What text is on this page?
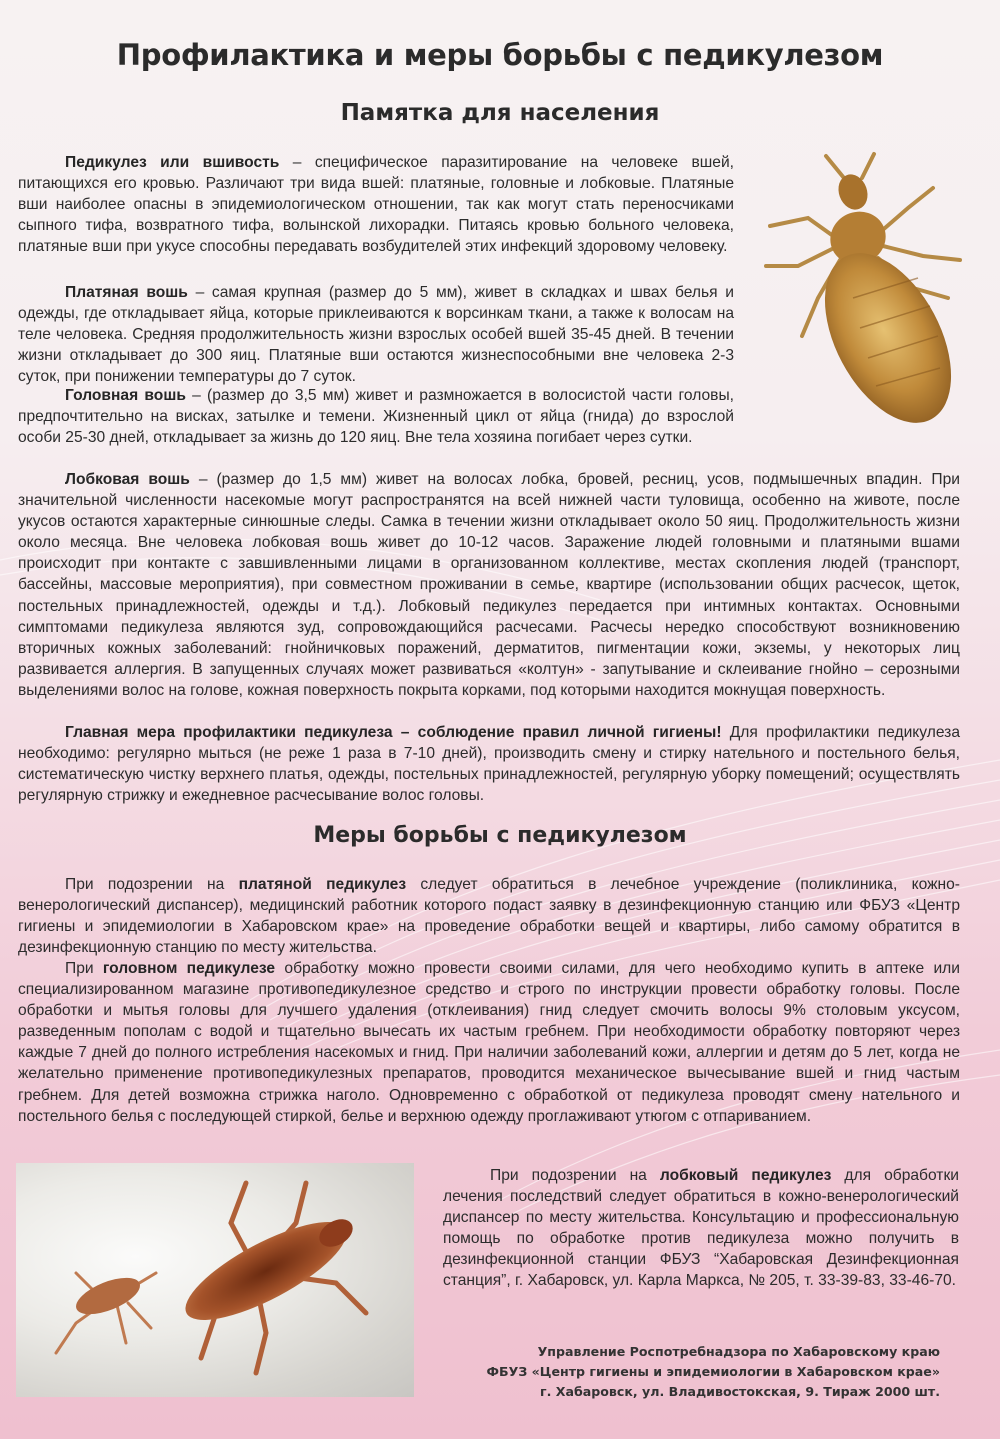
Профилактика и меры борьбы с педикулезом
Памятка для населения

Педикулез или вшивость – специфическое паразитирование на человеке вшей, питающихся его кровью. Различают три вида вшей: платяные, головные и лобковые. Платяные вши наиболее опасны в эпидемиологическом отношении, так как могут стать переносчиками сыпного тифа, возвратного тифа, волынской лихорадки. Питаясь кровью больного человека, платяные вши при укусе способны передавать возбудителей этих инфекций здоровому человеку.

Платяная вошь – самая крупная (размер до 5 мм), живет в складках и швах белья и одежды, где откладывает яйца, которые приклеиваются к ворсинкам ткани, а также к волосам на теле человека. Средняя продолжительность жизни взрослых особей вшей 35-45 дней. В течении жизни откладывает до 300 яиц. Платяные вши остаются жизнеспособными вне человека 2-3 суток, при понижении температуры до 7 суток.

Головная вошь – (размер до 3,5 мм) живет и размножается в волосистой части головы, предпочтительно на висках, затылке и темени. Жизненный цикл от яйца (гнида) до взрослой особи 25-30 дней, откладывает за жизнь до 120 яиц. Вне тела хозяина погибает через сутки.

Лобковая вошь – (размер до 1,5 мм) живет на волосах лобка, бровей, ресниц, усов, подмышечных впадин. При значительной численности насекомые могут распространятся на всей нижней части туловища, особенно на животе, после укусов остаются характерные синюшные следы. Самка в течении жизни откладывает около 50 яиц. Продолжительность жизни около месяца. Вне человека лобковая вошь живет до 10-12 часов. Заражение людей головными и платяными вшами происходит при контакте с завшивленными лицами в организованном коллективе, местах скопления людей (транспорт, бассейны, массовые мероприятия), при совместном проживании в семье, квартире (использовании общих расчесок, щеток, постельных принадлежностей, одежды и т.д.). Лобковый педикулез передается при интимных контактах. Основными симптомами педикулеза являются зуд, сопровождающийся расчесами. Расчесы нередко способствуют возникновению вторичных кожных заболеваний: гнойничковых поражений, дерматитов, пигментации кожи, экземы, у некоторых лиц развивается аллергия. В запущенных случаях может развиваться «колтун» - запутывание и склеивание гнойно – серозными выделениями волос на голове, кожная поверхность покрыта корками, под которыми находится мокнущая поверхность.

Главная мера профилактики педикулеза – соблюдение правил личной гигиены! Для профилактики педикулеза необходимо: регулярно мыться (не реже 1 раза в 7-10 дней), производить смену и стирку нательного и постельного белья, систематическую чистку верхнего платья, одежды, постельных принадлежностей, регулярную уборку помещений; осуществлять регулярную стрижку и ежедневное расчесывание волос головы.

Меры борьбы с педикулезом

При подозрении на платяной педикулез следует обратиться в лечебное учреждение (поликлиника, кожно-венерологический диспансер), медицинский работник которого подаст заявку в дезинфекционную станцию или ФБУЗ «Центр гигиены и эпидемиологии в Хабаровском крае» на проведение обработки вещей и квартиры, либо самому обратится в дезинфекционную станцию по месту жительства.

При головном педикулезе обработку можно провести своими силами, для чего необходимо купить в аптеке или специализированном магазине противопедикулезное средство и строго по инструкции провести обработку головы. После обработки и мытья головы для лучшего удаления (отклеивания) гнид следует смочить волосы 9% столовым уксусом, разведенным пополам с водой и тщательно вычесать их частым гребнем. При необходимости обработку повторяют через каждые 7 дней до полного истребления насекомых и гнид. При наличии заболеваний кожи, аллергии и детям до 5 лет, когда не желательно применение противопедикулезных препаратов, проводится механическое вычесывание вшей и гнид частым гребнем. Для детей возможна стрижка наголо. Одновременно с обработкой от педикулеза проводят смену нательного и постельного белья с последующей стиркой, белье и верхнюю одежду проглаживают утюгом с отпариванием.

При подозрении на лобковый педикулез для обработки лечения последствий следует обратиться в кожно-венерологический диспансер по месту жительства. Консультацию и профессиональную помощь по обработке против педикулеза можно получить в дезинфекционной станции ФБУЗ “Хабаровская Дезинфекционная станция”, г. Хабаровск, ул. Карла Маркса, № 205, т. 33-39-83, 33-46-70.

Управление Роспотребнадзора по Хабаровскому краю
ФБУЗ «Центр гигиены и эпидемиологии в Хабаровском крае»
г. Хабаровск, ул. Владивостокская, 9. Тираж 2000 шт.
